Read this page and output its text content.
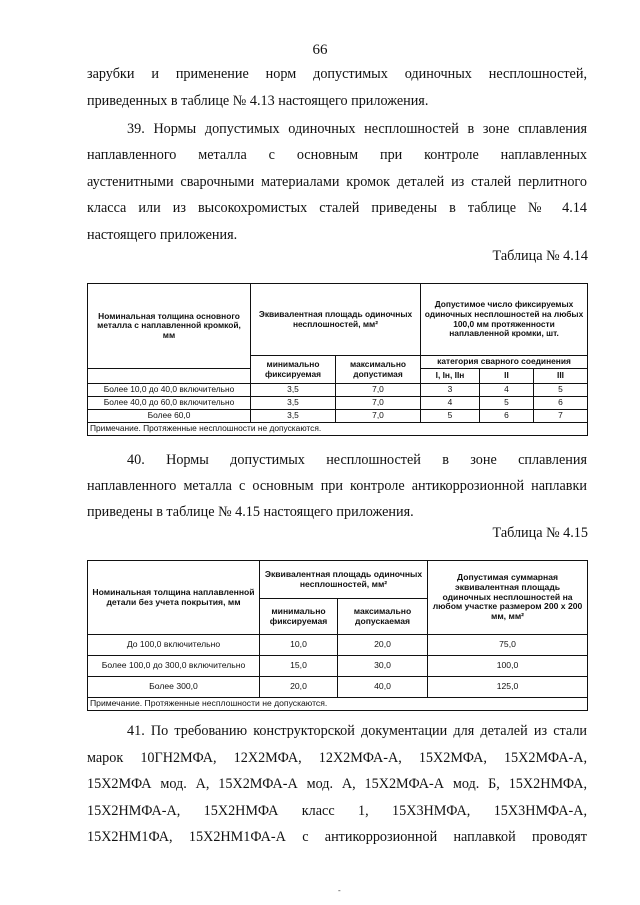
66

зарубки и применение норм допустимых одиночных несплошностей,

приведенных в таблице № 4.13 настоящего приложения.

39. Нормы допустимых одиночных несплошностей в зоне сплавления

наплавленного металла с основным при контроле наплавленных

аустенитными сварочными материалами кромок деталей из сталей перлитного

класса или из высокохромистых сталей приведены в таблице № 4.14

настоящего приложения.

Таблица № 4.14
Номинальная толщина основного металла с наплавленной кромкой, мм	Эквивалентная площадь одиночных несплошностей, мм²		Допустимое число фиксируемых одиночных несплошностей на любых 100,0 мм протяженности наплавленной кромки, шт.		
	минимально фиксируемая	максимально допустимая	категория сварного соединения		
			I, Iн, IIн	II	III
Более 10,0 до 40,0 включительно	3,5	7,0	3	4	5
Более 40,0 до 60,0 включительно	3,5	7,0	4	5	6
Более 60,0	3,5	7,0	5	6	7
Примечание. Протяженные несплошности не допускаются.					

40. Нормы допустимых несплошностей в зоне сплавления

наплавленного металла с основным при контроле антикоррозионной наплавки

приведены в таблице № 4.15 настоящего приложения.

Таблица № 4.15
Номинальная толщина наплавленной детали без учета покрытия, мм	Эквивалентная площадь одиночных несплошностей, мм²		Допустимая суммарная эквивалентная площадь одиночных несплошностей на любом участке размером 200 х 200 мм, мм²
	минимально фиксируемая	максимально допускаемая	
До 100,0 включительно	10,0	20,0	75,0
Более 100,0 до 300,0 включительно	15,0	30,0	100,0
Более 300,0	20,0	40,0	125,0
Примечание. Протяженные несплошности не допускаются.			

41. По требованию конструкторской документации для деталей из стали

марок 10ГН2МФА, 12Х2МФА, 12Х2МФА-А, 15Х2МФА, 15Х2МФА-А,

15Х2МФА мод. А, 15Х2МФА-А мод. А, 15Х2МФА-А мод. Б, 15Х2НМФА,

15Х2НМФА-А, 15Х2НМФА класс 1, 15Х3НМФА, 15Х3НМФА-А,

15Х2НМ1ФА, 15Х2НМ1ФА-А с антикоррозионной наплавкой проводят

-
